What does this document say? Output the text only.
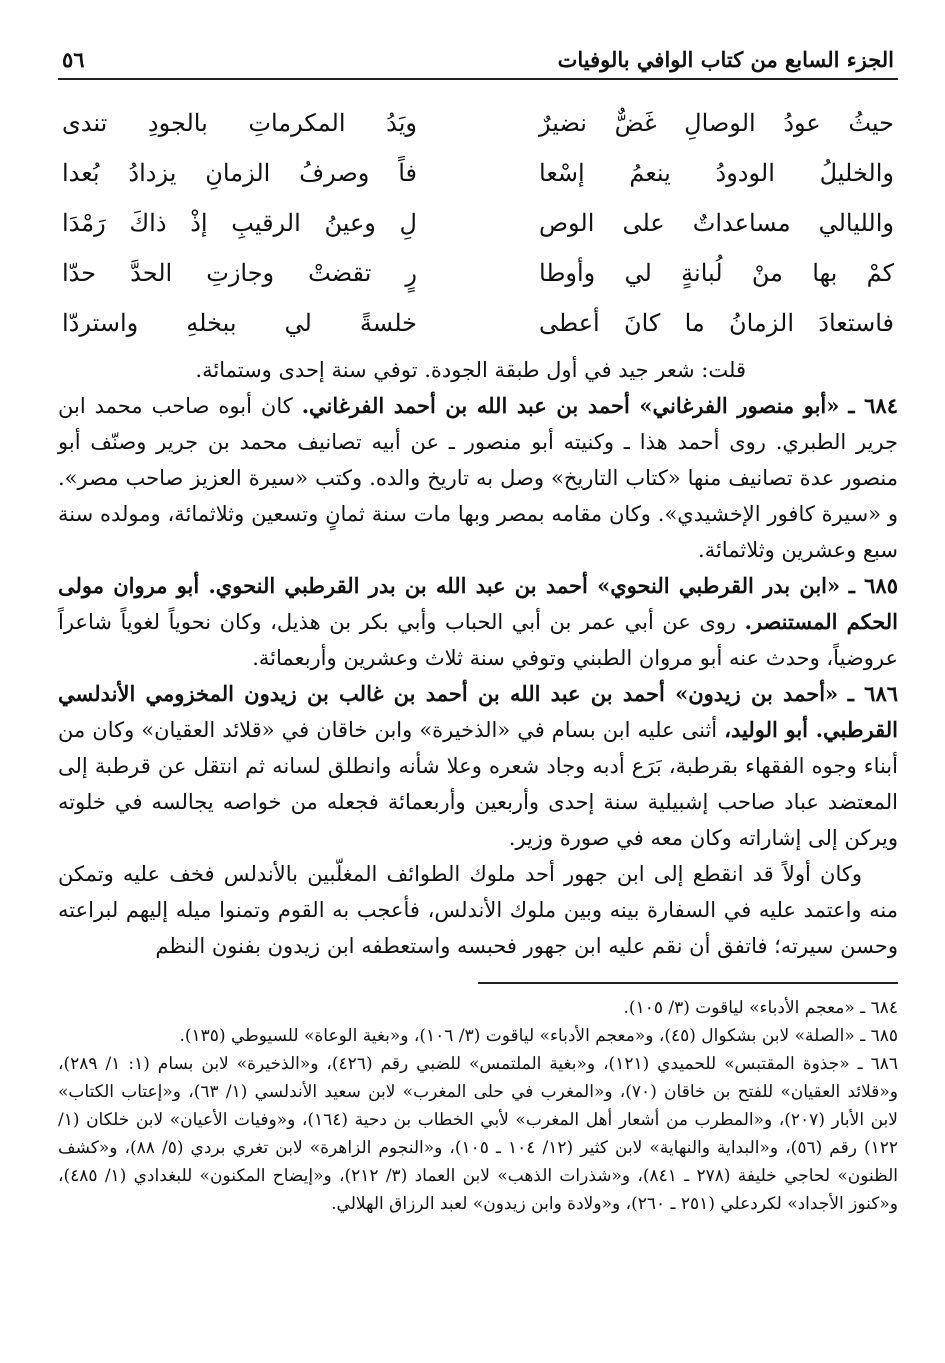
الجزء السابع من كتاب الوافي بالوفيات
٥٦
حيثُ عودُ الوصالِ غَضٌّ نضيرٌ
ويَدُ المكرماتِ بالجودِ تندى
والخليلُ الودودُ ينعمُ إسْعا
فاً وصرفُ الزمانِ يزدادُ بُعدا
والليالي مساعداتٌ على الوص
لِ وعينُ الرقيبِ إذْ ذاكَ رَمْدَا
كمْ بها منْ لُبانةٍ لي وأوطا
رٍ تقضتْ وجازتِ الحدَّ حدّا
فاستعادَ الزمانُ ما كانَ أعطى
خلسةً لي ببخلهِ واستردّا

قلت: شعر جيد في أول طبقة الجودة. توفي سنة إحدى وستمائة.

٦٨٤ ـ «أبو منصور الفرغاني» أحمد بن عبد الله بن أحمد الفرغاني. كان أبوه صاحب محمد ابن جرير الطبري. روى أحمد هذا ـ وكنيته أبو منصور ـ عن أبيه تصانيف محمد بن جرير وصنّف أبو منصور عدة تصانيف منها «كتاب التاريخ» وصل به تاريخ والده. وكتب «سيرة العزيز صاحب مصر». و «سيرة كافور الإخشيدي». وكان مقامه بمصر وبها مات سنة ثمانٍ وتسعين وثلاثمائة، ومولده سنة سبع وعشرين وثلاثمائة.

٦٨٥ ـ «ابن بدر القرطبي النحوي» أحمد بن عبد الله بن بدر القرطبي النحوي. أبو مروان مولى الحكم المستنصر. روى عن أبي عمر بن أبي الحباب وأبي بكر بن هذيل، وكان نحوياً لغوياً شاعراً عروضياً، وحدث عنه أبو مروان الطبني وتوفي سنة ثلاث وعشرين وأربعمائة.

٦٨٦ ـ «أحمد بن زيدون» أحمد بن عبد الله بن أحمد بن غالب بن زيدون المخزومي الأندلسي القرطبي. أبو الوليد، أثنى عليه ابن بسام في «الذخيرة» وابن خاقان في «قلائد العقيان» وكان من أبناء وجوه الفقهاء بقرطبة، بَرَع أدبه وجاد شعره وعلا شأنه وانطلق لسانه ثم انتقل عن قرطبة إلى المعتضد عباد صاحب إشبيلية سنة إحدى وأربعين وأربعمائة فجعله من خواصه يجالسه في خلوته ويركن إلى إشاراته وكان معه في صورة وزير.

وكان أولاً قد انقطع إلى ابن جهور أحد ملوك الطوائف المغلّبين بالأندلس فخف عليه وتمكن منه واعتمد عليه في السفارة بينه وبين ملوك الأندلس، فأعجب به القوم وتمنوا ميله إليهم لبراعته وحسن سيرته؛ فاتفق أن نقم عليه ابن جهور فحبسه واستعطفه ابن زيدون بفنون النظم

٦٨٤ ـ «معجم الأدباء» لياقوت (٣/ ١٠٥).

٦٨٥ ـ «الصلة» لابن بشكوال (٤٥)، و«معجم الأدباء» لياقوت (٣/ ١٠٦)، و«بغية الوعاة» للسيوطي (١٣٥).

٦٨٦ ـ «جذوة المقتبس» للحميدي (١٢١)، و«بغية الملتمس» للضبي رقم (٤٢٦)، و«الذخيرة» لابن بسام (١: ١/ ٢٨٩)، و«قلائد العقيان» للفتح بن خاقان (٧٠)، و«المغرب في حلى المغرب» لابن سعيد الأندلسي (١/ ٦٣)، و«إعتاب الكتاب» لابن الأبار (٢٠٧)، و«المطرب من أشعار أهل المغرب» لأبي الخطاب بن دحية (١٦٤)، و«وفيات الأعيان» لابن خلكان (١/ ١٢٢) رقم (٥٦)، و«البداية والنهاية» لابن كثير (١٢/ ١٠٤ ـ ١٠٥)، و«النجوم الزاهرة» لابن تغري بردي (٥/ ٨٨)، و«كشف الظنون» لحاجي خليفة (٢٧٨ ـ ٨٤١)، و«شذرات الذهب» لابن العماد (٣/ ٢١٢)، و«إيضاح المكنون» للبغدادي (١/ ٤٨٥)، و«كنوز الأجداد» لكردعلي (٢٥١ ـ ٢٦٠)، و«ولادة وابن زيدون» لعبد الرزاق الهلالي.
